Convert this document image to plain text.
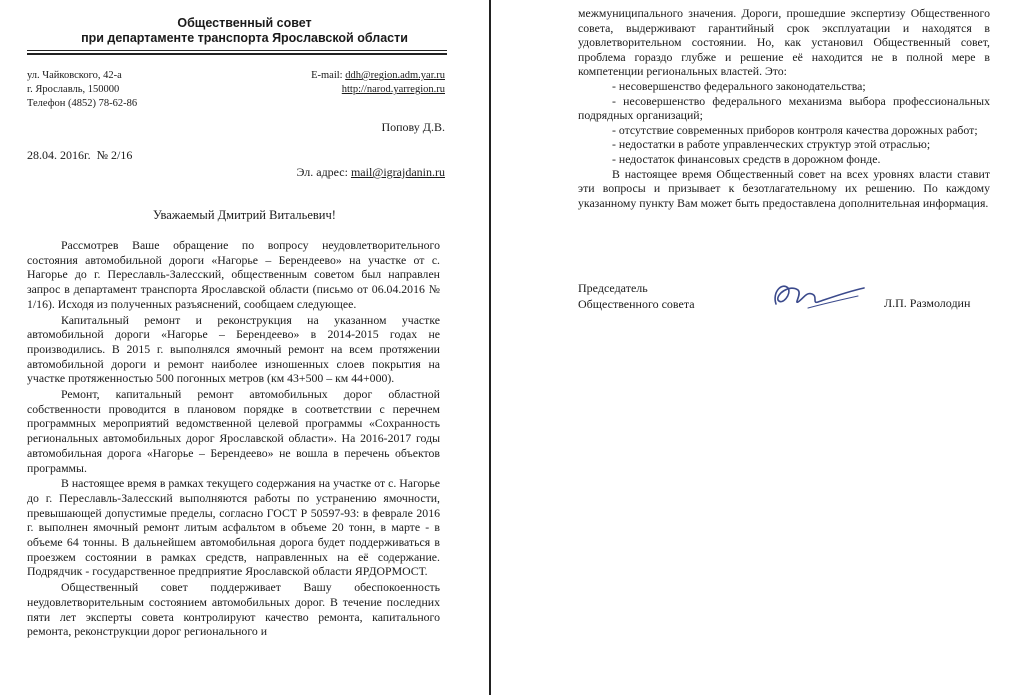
Общественный совет
при департаменте транспорта Ярославской области
ул. Чайковского, 42-а
г. Ярославль, 150000
Телефон (4852) 78-62-86
E-mail: ddh@region.adm.yar.ru
http://narod.yarregion.ru
Попову Д.В.
28.04. 2016г.  № 2/16
Эл. адрес: mail@igrajdanin.ru
Уважаемый Дмитрий Витальевич!

Рассмотрев Ваше обращение по вопросу неудовлетворительного состояния автомобильной дороги «Нагорье – Берендеево» на участке от с. Нагорье до г. Переславль-Залесский, общественным советом был направлен запрос в департамент транспорта Ярославской области (письмо от 06.04.2016 № 1/16). Исходя из полученных разъяснений, сообщаем следующее.

Капитальный ремонт и реконструкция на указанном участке автомобильной дороги «Нагорье – Берендеево» в 2014-2015 годах не производились. В 2015 г. выполнялся ямочный ремонт на всем протяжении автомобильной дороги и ремонт наиболее изношенных слоев покрытия на участке протяженностью 500 погонных метров (км 43+500 – км 44+000).

Ремонт, капитальный ремонт автомобильных дорог областной собственности проводится в плановом порядке в соответствии с перечнем программных мероприятий ведомственной целевой программы «Сохранность региональных автомобильных дорог Ярославской области». На 2016-2017 годы автомобильная дорога «Нагорье – Берендеево» не вошла в перечень объектов программы.

В настоящее время в рамках текущего содержания на участке от с. Нагорье до г. Переславль-Залесский выполняются работы по устранению ямочности, превышающей допустимые пределы, согласно ГОСТ Р 50597-93: в феврале 2016 г. выполнен ямочный ремонт литым асфальтом в объеме 20 тонн, в марте - в объеме 64 тонны. В дальнейшем автомобильная дорога будет поддерживаться в проезжем состоянии в рамках средств, направленных на её содержание. Подрядчик - государственное предприятие Ярославской области ЯРДОРМОСТ.

Общественный совет поддерживает Вашу обеспокоенность неудовлетворительным состоянием автомобильных дорог. В течение последних пяти лет эксперты совета контролируют качество ремонта, капитального ремонта, реконструкции дорог регионального и

межмуниципального значения. Дороги, прошедшие экспертизу Общественного совета, выдерживают гарантийный срок эксплуатации и находятся в удовлетворительном состоянии. Но, как установил Общественный совет, проблема гораздо глубже и решение её находится не в полной мере в компетенции региональных властей. Это:

- несовершенство федерального законодательства;

- несовершенство федерального механизма выбора профессиональных подрядных организаций;

- отсутствие современных приборов контроля качества дорожных работ;

- недостатки в работе управленческих структур этой отраслью;

- недостаток финансовых средств в дорожном фонде.

В настоящее время Общественный совет на всех уровнях власти ставит эти вопросы и призывает к безотлагательному их решению. По каждому указанному пункту Вам может быть предоставлена дополнительная информация.

Председатель
Общественного совета	Л.П. Размолодин
